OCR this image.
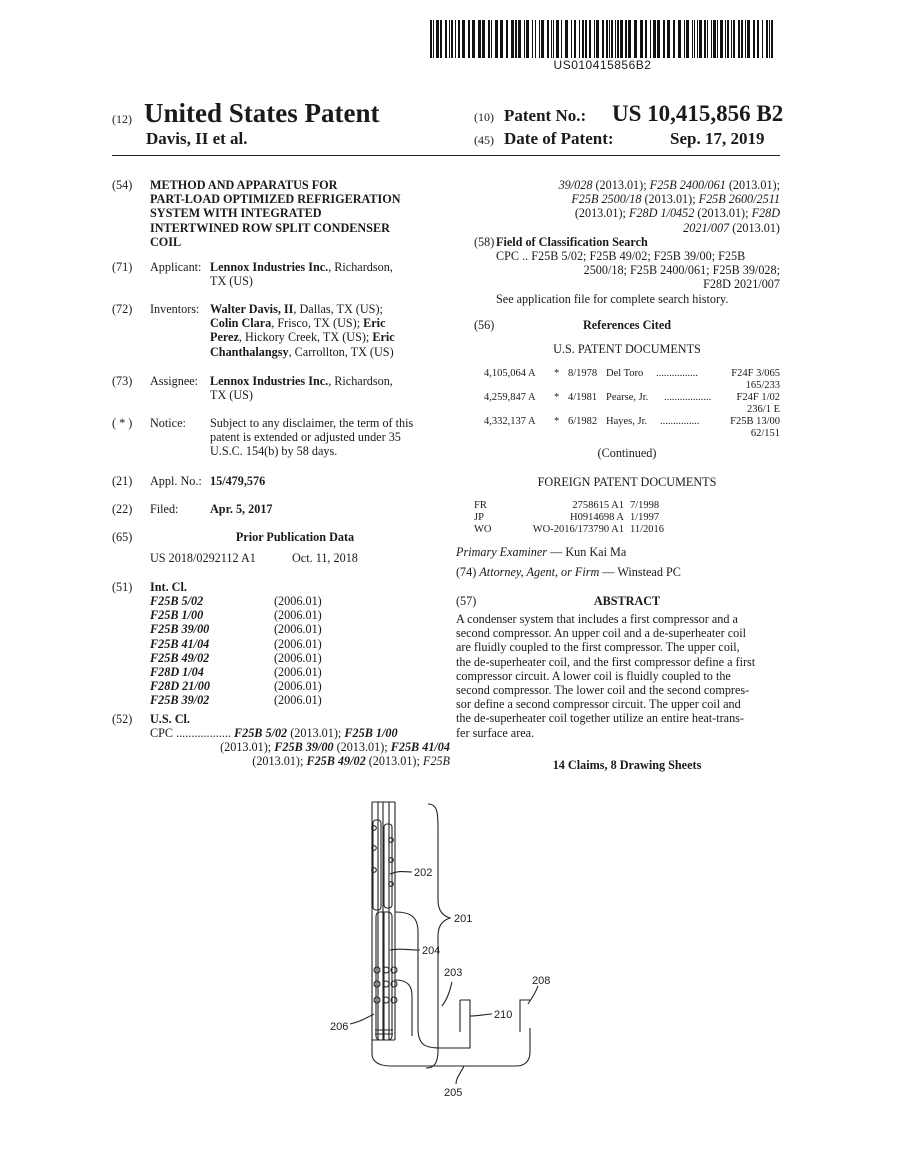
US010415856B2
(12) United States Patent
Davis, II et al.
(10) Patent No.: US 10,415,856 B2
(45) Date of Patent:	Sep. 17, 2019
(54) METHOD AND APPARATUS FOR
PART-LOAD OPTIMIZED REFRIGERATION
SYSTEM WITH INTEGRATED
INTERTWINED ROW SPLIT CONDENSER
COIL
(71) Applicant: Lennox Industries Inc., Richardson,
TX (US)
(72) Inventors: Walter Davis, II, Dallas, TX (US);
Colin Clara, Frisco, TX (US); Eric
Perez, Hickory Creek, TX (US); Eric
Chanthalangsy, Carrollton, TX (US)
(73) Assignee: Lennox Industries Inc., Richardson,
TX (US)
( * ) Notice: Subject to any disclaimer, the term of this
patent is extended or adjusted under 35
U.S.C. 154(b) by 58 days.
(21) Appl. No.: 15/479,576
(22) Filed:	Apr. 5, 2017
(65)	Prior Publication Data
US 2018/0292112 A1	Oct. 11, 2018
(51) Int. Cl.
F25B 5/02	(2006.01)
F25B 1/00	(2006.01)
F25B 39/00	(2006.01)
F25B 41/04	(2006.01)
F25B 49/02	(2006.01)
F28D 1/04	(2006.01)
F28D 21/00	(2006.01)
F25B 39/02	(2006.01)
(52) U.S. Cl.
CPC .................. F25B 5/02 (2013.01); F25B 1/00
(2013.01); F25B 39/00 (2013.01); F25B 41/04
(2013.01); F25B 49/02 (2013.01); F25B
39/028 (2013.01); F25B 2400/061 (2013.01);
F25B 2500/18 (2013.01); F25B 2600/2511
(2013.01); F28D 1/0452 (2013.01); F28D
2021/007 (2013.01)
(58) Field of Classification Search
CPC .. F25B 5/02; F25B 49/02; F25B 39/00; F25B
2500/18; F25B 2400/061; F25B 39/028;
F28D 2021/007
See application file for complete search history.
(56)	References Cited
U.S. PATENT DOCUMENTS
4,105,064 A * 8/1978 Del Toro ................	F24F 3/065
165/233
4,259,847 A * 4/1981 Pearse, Jr. .................. F24F 1/02
236/1 E
4,332,137 A * 6/1982 Hayes, Jr. ...............	F25B 13/00
62/151
(Continued)
FOREIGN PATENT DOCUMENTS
FR	2758615 A1 7/1998
JP	H0914698 A 1/1997
WO	WO-2016/173790 A1 11/2016
Primary Examiner — Kun Kai Ma
(74) Attorney, Agent, or Firm — Winstead PC
(57)	ABSTRACT
A condenser system that includes a first compressor and a
second compressor. An upper coil and a de-superheater coil
are fluidly coupled to the first compressor. The upper coil,
the de-superheater coil, and the first compressor define a first
compressor circuit. A lower coil is fluidly coupled to the
second compressor. The lower coil and the second compres-
sor define a second compressor circuit. The upper coil and
the de-superheater coil together utilize an entire heat-trans-
fer surface area.
14 Claims, 8 Drawing Sheets
202
201
204
203
208
210
206
205
